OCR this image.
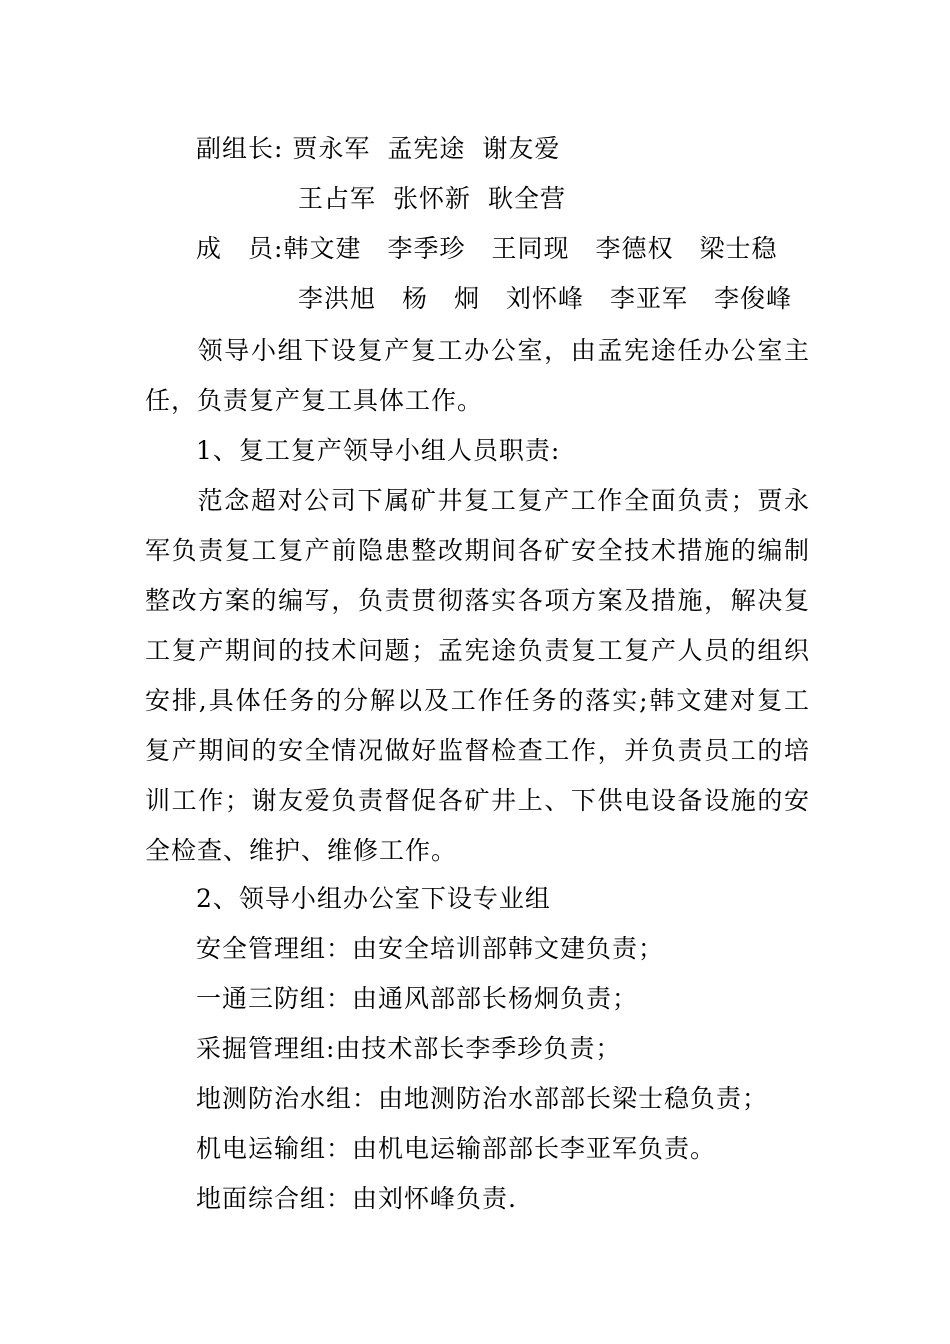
副组长: 贾永军 孟宪途 谢友爱
王占军 张怀新 耿全营
成　员:韩文建 李季珍 王同现 李德权 梁士稳
李洪旭 杨　炯 刘怀峰 李亚军 李俊峰
领导小组下设复产复工办公室，由孟宪途任办公室主任，负责复产复工具体工作。
1、复工复产领导小组人员职责:
范念超对公司下属矿井复工复产工作全面负责；贾永军负责复工复产前隐患整改期间各矿安全技术措施的编制整改方案的编写，负责贯彻落实各项方案及措施，解决复工复产期间的技术问题；孟宪途负责复工复产人员的组织安排,具体任务的分解以及工作任务的落实;韩文建对复工复产期间的安全情况做好监督检查工作，并负责员工的培训工作；谢友爱负责督促各矿井上、下供电设备设施的安全检查、维护、维修工作。
2、领导小组办公室下设专业组
安全管理组：由安全培训部韩文建负责；
一通三防组：由通风部部长杨炯负责；
采掘管理组:由技术部长李季珍负责；
地测防治水组：由地测防治水部部长梁士稳负责；
机电运输组：由机电运输部部长李亚军负责。
地面综合组：由刘怀峰负责.
